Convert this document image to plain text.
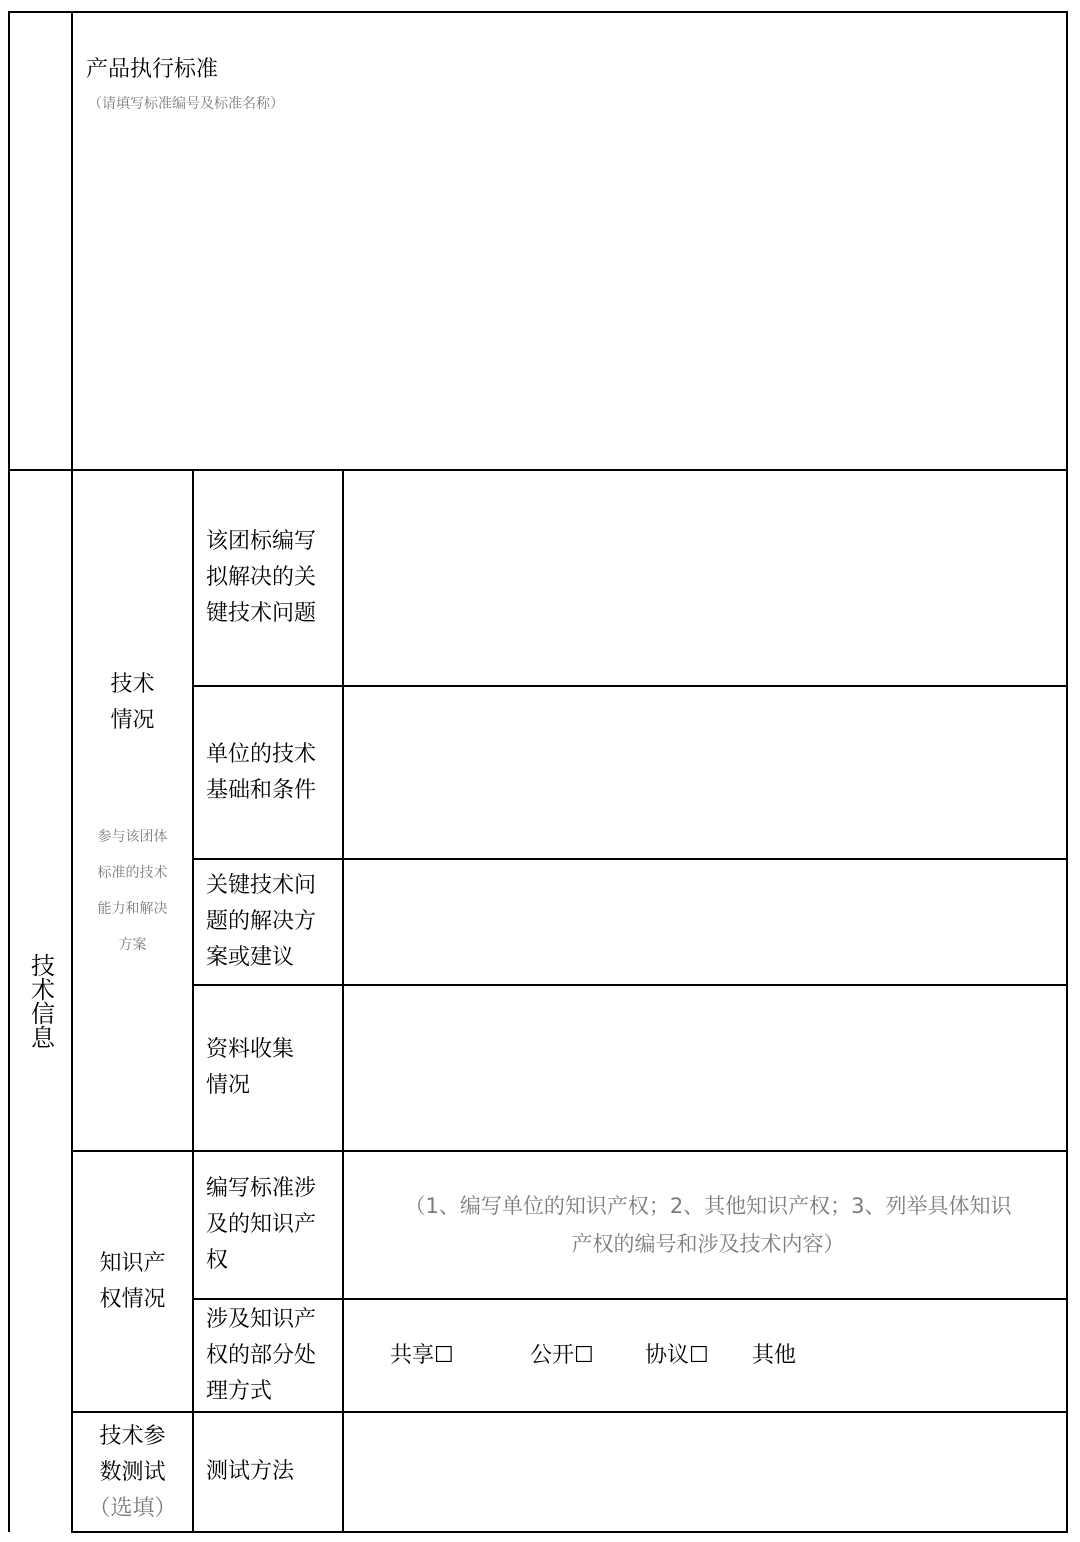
产品执行标准
（请填写标准编号及标准名称）
技术信息
技术
情况
参与该团体
标准的技术
能力和解决
方案
该团标编写
拟解决的关
键技术问题
单位的技术
基础和条件
关键技术问
题的解决方
案或建议
资料收集
情况
知识产
权情况
编写标准涉
及的知识产
权
（1、编写单位的知识产权；2、其他知识产权；3、列举具体知识
产权的编号和涉及技术内容）
涉及知识产
权的部分处
理方式
共享☐	公开☐ 协议☐ 其他
技术参
数测试
（选填）
测试方法
